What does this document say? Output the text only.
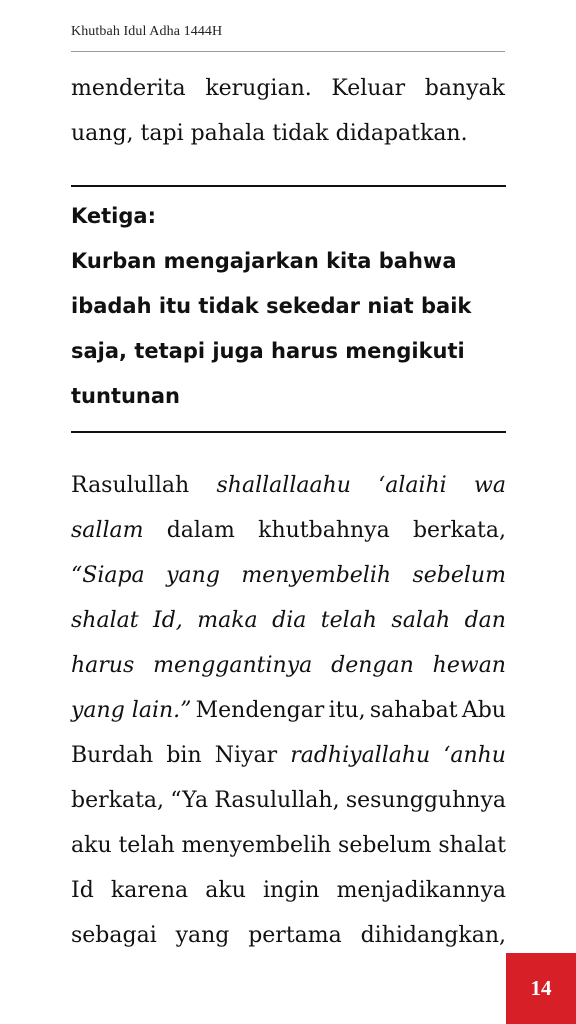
Khutbah Idul Adha 1444H
menderita kerugian. Keluar banyak
uang, tapi pahala tidak didapatkan.
Ketiga:
Kurban mengajarkan kita bahwa
ibadah itu tidak sekedar niat baik
saja, tetapi juga harus mengikuti
tuntunan
Rasulullah shallallaahu ‘alaihi wa
sallam dalam khutbahnya berkata,
“Siapa yang menyembelih sebelum
shalat Id, maka dia telah salah dan
harus menggantinya dengan hewan
yang lain.” Mendengar itu, sahabat Abu
Burdah bin Niyar radhiyallahu ‘anhu
berkata, “Ya Rasulullah, sesungguhnya
aku telah menyembelih sebelum shalat
Id karena aku ingin menjadikannya
sebagai yang pertama dihidangkan,
14
